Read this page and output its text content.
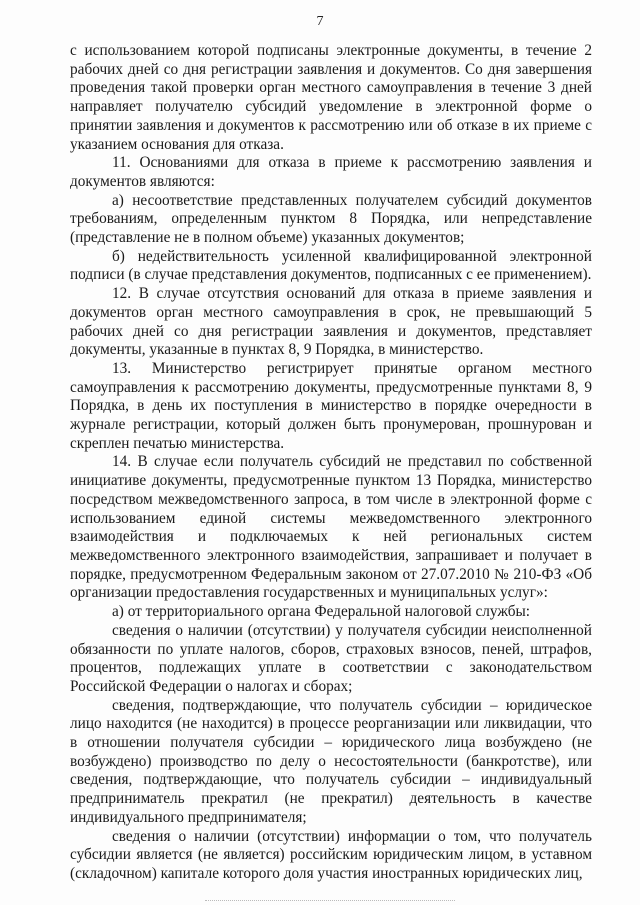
7

с использованием которой подписаны электронные документы, в течение 2 рабочих дней со дня регистрации заявления и документов. Со дня завершения проведения такой проверки орган местного самоуправления в течение 3 дней направляет получателю субсидий уведомление в электронной форме о принятии заявления и документов к рассмотрению или об отказе в их приеме с указанием основания для отказа.

11. Основаниями для отказа в приеме к рассмотрению заявления и документов являются:

а) несоответствие представленных получателем субсидий документов требованиям, определенным пунктом 8 Порядка, или непредставление (представление не в полном объеме) указанных документов;

б) недействительность усиленной квалифицированной электронной подписи (в случае представления документов, подписанных с ее применением).

12. В случае отсутствия оснований для отказа в приеме заявления и документов орган местного самоуправления в срок, не превышающий 5 рабочих дней со дня регистрации заявления и документов, представляет документы, указанные в пунктах 8, 9 Порядка, в министерство.

13. Министерство регистрирует принятые органом местного самоуправления к рассмотрению документы, предусмотренные пунктами 8, 9 Порядка, в день их поступления в министерство в порядке очередности в журнале регистрации, который должен быть пронумерован, прошнурован и скреплен печатью министерства.

14. В случае если получатель субсидий не представил по собственной инициативе документы, предусмотренные пунктом 13 Порядка, министерство посредством межведомственного запроса, в том числе в электронной форме с использованием единой системы межведомственного электронного взаимодействия и подключаемых к ней региональных систем межведомственного электронного взаимодействия, запрашивает и получает в порядке, предусмотренном Федеральным законом от 27.07.2010 № 210-ФЗ «Об организации предоставления государственных и муниципальных услуг»:

а) от территориального органа Федеральной налоговой службы:

сведения о наличии (отсутствии) у получателя субсидии неисполненной обязанности по уплате налогов, сборов, страховых взносов, пеней, штрафов, процентов, подлежащих уплате в соответствии с законодательством Российской Федерации о налогах и сборах;

сведения, подтверждающие, что получатель субсидии – юридическое лицо находится (не находится) в процессе реорганизации или ликвидации, что в отношении получателя субсидии – юридического лица возбуждено (не возбуждено) производство по делу о несостоятельности (банкротстве), или сведения, подтверждающие, что получатель субсидии – индивидуальный предприниматель прекратил (не прекратил) деятельность в качестве индивидуального предпринимателя;

сведения о наличии (отсутствии) информации о том, что получатель субсидии является (не является) российским юридическим лицом, в уставном (складочном) капитале которого доля участия иностранных юридических лиц,
